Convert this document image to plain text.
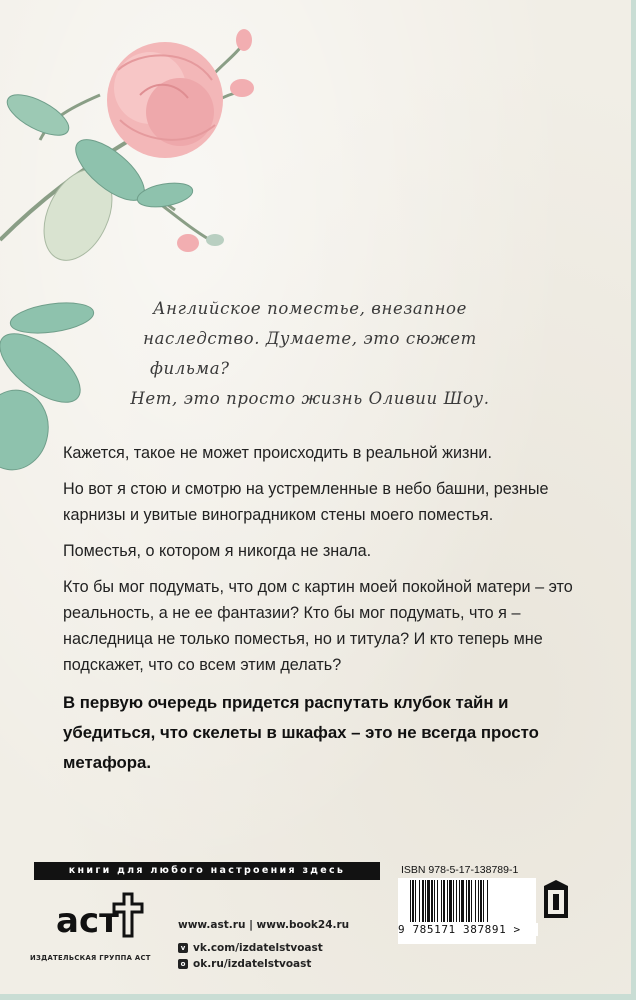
Английское поместье, внезапное

наследство. Думаете, это сюжет

фильма?

Нет, это просто жизнь Оливии Шоу.

Кажется, такое не может происходить в реальной жизни.

Но вот я стою и смотрю на устремленные в небо башни, резные карнизы и увитые виноградником стены моего поместья.

Поместья, о котором я никогда не знала.

Кто бы мог подумать, что дом с картин моей покойной матери – это реальность, а не ее фантазии? Кто бы мог подумать, что я – наследница не только поместья, но и титула? И кто теперь мне подскажет, что со всем этим делать?

В первую очередь придется распутать клубок тайн и убедиться, что скелеты в шкафах – это не всегда просто метафора.

книги для любого настроения здесь
аст
ИЗДАТЕЛЬСКАЯ ГРУППА АСТ
www.ast.ru | www.book24.ru
v vk.com/izdatelstvoast
o ok.ru/izdatelstvoast
ISBN 978-5-17-138789-1
9 785171 387891 >
